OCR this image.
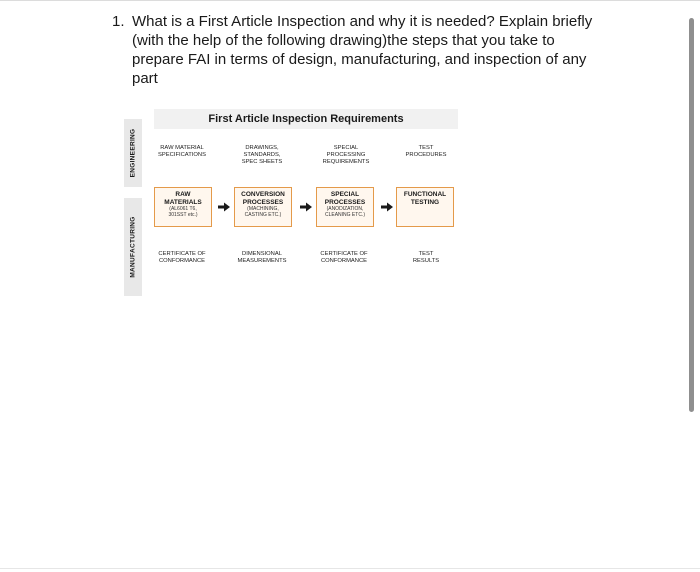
1. What is a First Article Inspection and why it is needed? Explain briefly
(with the help of the following drawing)the steps that you take to
prepare FAI in terms of design, manufacturing, and inspection of any
part
First Article Inspection Requirements
ENGINEERING
MANUFACTURING
RAW MATERIAL
SPECIFICATIONS
DRAWINGS,
STANDARDS,
SPEC SHEETS
SPECIAL
PROCESSING
REQUIREMENTS
TEST
PROCEDURES
RAW
MATERIALS
(AL6061 T6,
301SST etc.)
CONVERSION
PROCESSES
(MACHINING,
CASTING ETC.)
SPECIAL
PROCESSES
(ANODIZATION,
CLEANING ETC.)
FUNCTIONAL
TESTING
CERTIFICATE OF
CONFORMANCE
DIMENSIONAL
MEASUREMENTS
CERTIFICATE OF
CONFORMANCE
TEST
RESULTS
